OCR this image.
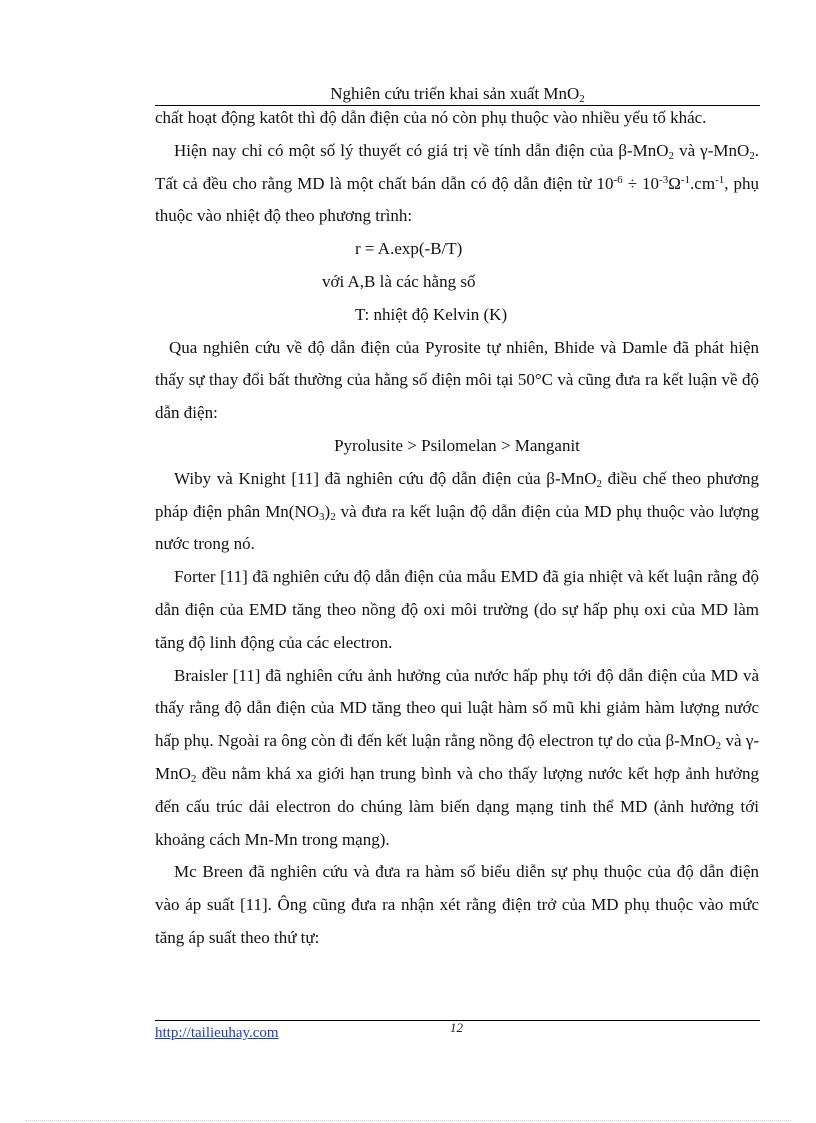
Nghiên cứu triển khai sản xuất MnO$_2$

chất hoạt động katôt thì độ dẫn điện của nó còn phụ thuộc vào nhiều yếu tố khác.

Hiện nay chỉ có một số lý thuyết có giá trị về tính dẫn điện của β-MnO$_2$ và γ-MnO$_2$. Tất cả đều cho rằng MD là một chất bán dẫn có độ dẫn điện từ $10^{-6} \div 10^{-3}\Omega^{-1}.cm^{-1}$, phụ thuộc vào nhiệt độ theo phương trình:

r = A.exp(-B/T)

với A,B là các hằng số

T: nhiệt độ Kelvin (K)

Qua nghiên cứu về độ dẫn điện của Pyrosite tự nhiên, Bhide và Damle đã phát hiện thấy sự thay đổi bất thường của hằng số điện môi tại 50°C và cũng đưa ra kết luận về độ dẫn điện:

Pyrolusite > Psilomelan > Manganit

Wiby và Knight [11] đã nghiên cứu độ dẫn điện của β-MnO$_2$ điều chế theo phương pháp điện phân $Mn(NO_3)_2$ và đưa ra kết luận độ dẫn điện của MD phụ thuộc vào lượng nước trong nó.

Forter [11] đã nghiên cứu độ dẫn điện của mẫu EMD đã gia nhiệt và kết luận rằng độ dẫn điện của EMD tăng theo nồng độ oxi môi trường (do sự hấp phụ oxi của MD làm tăng độ linh động của các electron.

Braisler [11] đã nghiên cứu ảnh hưởng của nước hấp phụ tới độ dẫn điện của MD và thấy rằng độ dẫn điện của MD tăng theo qui luật hàm số mũ khi giảm hàm lượng nước hấp phụ. Ngoài ra ông còn đi đến kết luận rằng nồng độ electron tự do của β-MnO$_2$ và γ-MnO$_2$ đều nằm khá xa giới hạn trung bình và cho thấy lượng nước kết hợp ảnh hưởng đến cấu trúc dải electron do chúng làm biến dạng mạng tinh thể MD (ảnh hưởng tới khoảng cách Mn-Mn trong mạng).

Mc Breen đã nghiên cứu và đưa ra hàm số biểu diễn sự phụ thuộc của độ dẫn điện vào áp suất [11]. Ông cũng đưa ra nhận xét rằng điện trở của MD phụ thuộc vào mức tăng áp suất theo thứ tự:

http://tailieuhay.com	12
